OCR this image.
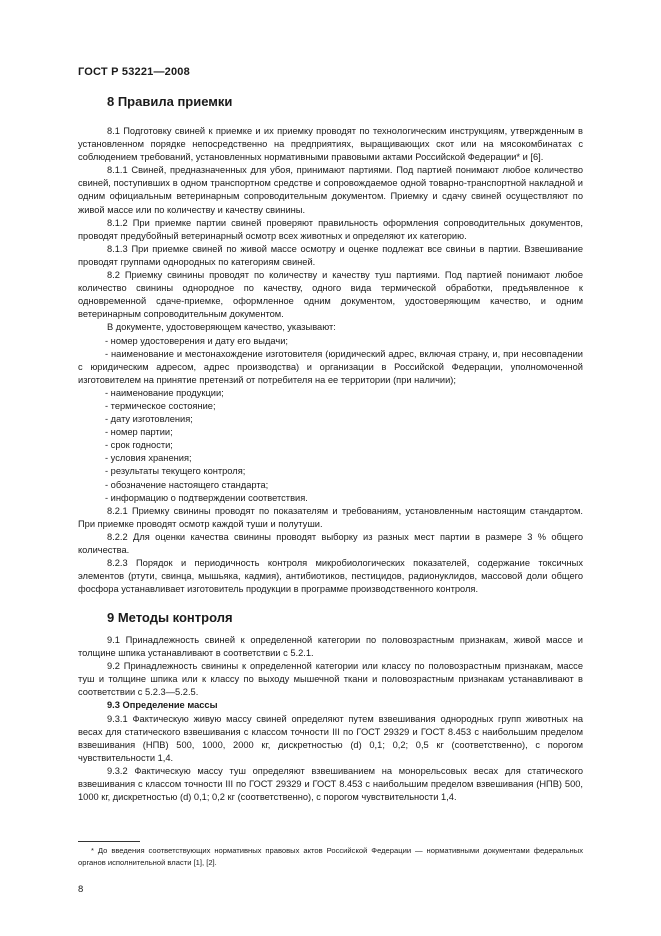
ГОСТ Р 53221—2008
8 Правила приемки

8.1 Подготовку свиней к приемке и их приемку проводят по технологическим инструкциям, утвержденным в установленном порядке непосредственно на предприятиях, выращивающих скот или на мясокомбинатах с соблюдением требований, установленных нормативными правовыми актами Российской Федерации* и [6].

8.1.1 Свиней, предназначенных для убоя, принимают партиями. Под партией понимают любое количество свиней, поступивших в одном транспортном средстве и сопровождаемое одной товарно-транспортной накладной и одним официальным ветеринарным сопроводительным документом. Приемку и сдачу свиней осуществляют по живой массе или по количеству и качеству свинины.

8.1.2 При приемке партии свиней проверяют правильность оформления сопроводительных документов, проводят предубойный ветеринарный осмотр всех животных и определяют их категорию.

8.1.3 При приемке свиней по живой массе осмотру и оценке подлежат все свиньи в партии. Взвешивание проводят группами однородных по категориям свиней.

8.2 Приемку свинины проводят по количеству и качеству туш партиями. Под партией понимают любое количество свинины однородное по качеству, одного вида термической обработки, предъявленное к одновременной сдаче-приемке, оформленное одним документом, удостоверяющим качество, и одним ветеринарным сопроводительным документом.

В документе, удостоверяющем качество, указывают:

- номер удостоверения и дату его выдачи;

- наименование и местонахождение изготовителя (юридический адрес, включая страну, и, при несовпадении с юридическим адресом, адрес производства) и организации в Российской Федерации, уполномоченной изготовителем на принятие претензий от потребителя на ее территории (при наличии);

- наименование продукции;

- термическое состояние;

- дату изготовления;

- номер партии;

- срок годности;

- условия хранения;

- результаты текущего контроля;

- обозначение настоящего стандарта;

- информацию о подтверждении соответствия.

8.2.1 Приемку свинины проводят по показателям и требованиям, установленным настоящим стандартом. При приемке проводят осмотр каждой туши и полутуши.

8.2.2 Для оценки качества свинины проводят выборку из разных мест партии в размере 3 % общего количества.

8.2.3 Порядок и периодичность контроля микробиологических показателей, содержание токсичных элементов (ртути, свинца, мышьяка, кадмия), антибиотиков, пестицидов, радионуклидов, массовой доли общего фосфора устанавливает изготовитель продукции в программе производственного контроля.

9 Методы контроля

9.1 Принадлежность свиней к определенной категории по половозрастным признакам, живой массе и толщине шпика устанавливают в соответствии с 5.2.1.

9.2 Принадлежность свинины к определенной категории или классу по половозрастным признакам, массе туш и толщине шпика или к классу по выходу мышечной ткани и половозрастным признакам устанавливают в соответствии с 5.2.3—5.2.5.

9.3 Определение массы

9.3.1 Фактическую живую массу свиней определяют путем взвешивания однородных групп животных на весах для статического взвешивания с классом точности III по ГОСТ 29329 и ГОСТ 8.453 с наибольшим пределом взвешивания (НПВ) 500, 1000, 2000 кг, дискретностью (d) 0,1; 0,2; 0,5 кг (соответственно), с порогом чувствительности 1,4.

9.3.2 Фактическую массу туш определяют взвешиванием на монорельсовых весах для статического взвешивания с классом точности III по ГОСТ 29329 и ГОСТ 8.453 с наибольшим пределом взвешивания (НПВ) 500, 1000 кг, дискретностью (d) 0,1; 0,2 кг (соответственно), с порогом чувствительности 1,4.

* До введения соответствующих нормативных правовых актов Российской Федерации — нормативными документами федеральных органов исполнительной власти [1], [2].

8
